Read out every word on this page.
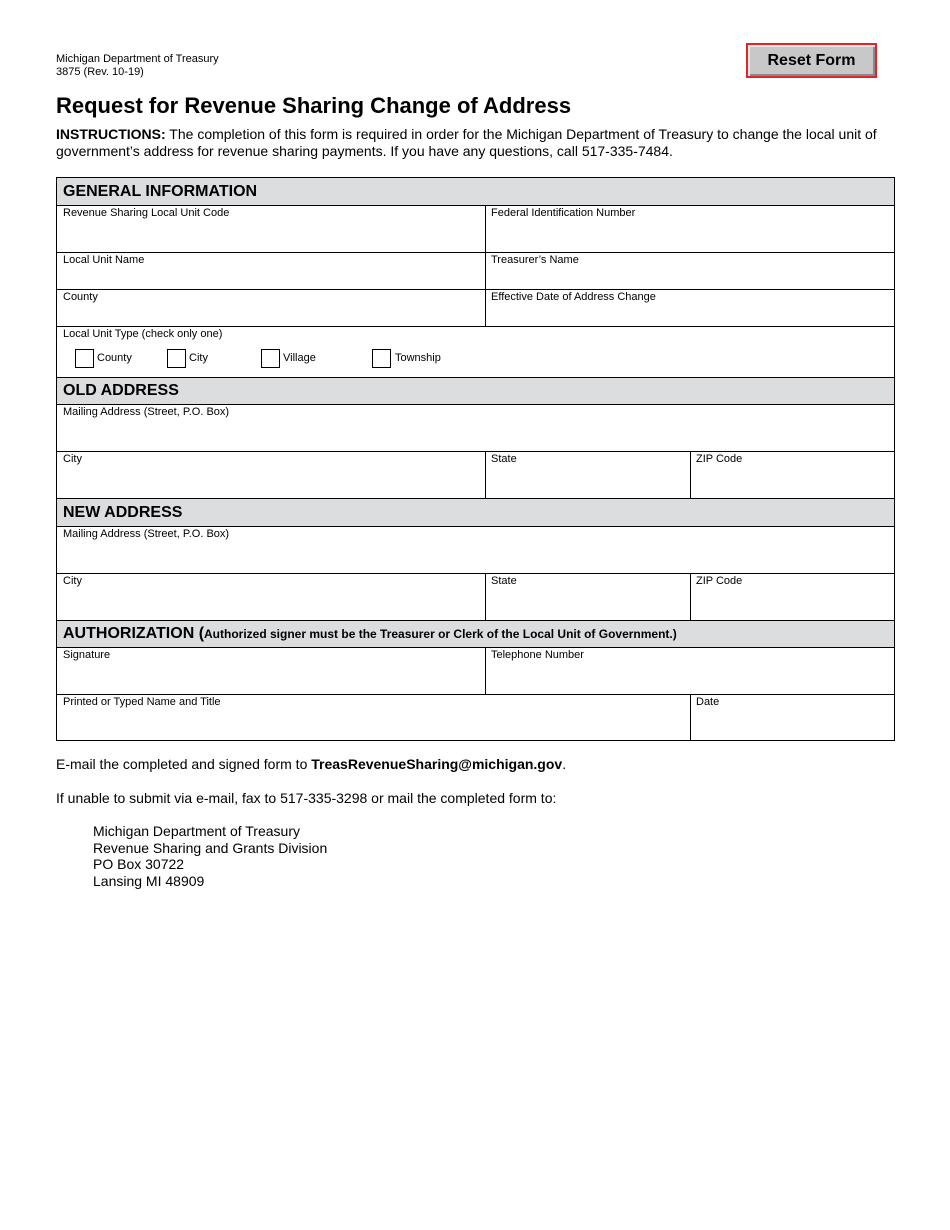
Michigan Department of Treasury
3875 (Rev. 10-19)
Reset Form
Request for Revenue Sharing Change of Address

INSTRUCTIONS: The completion of this form is required in order for the Michigan Department of Treasury to change the local unit of government’s address for revenue sharing payments. If you have any questions, call 517-335-7484.

GENERAL INFORMATION
Revenue Sharing Local Unit Code	Federal Identification Number
Local Unit Name	Treasurer’s Name
County	Effective Date of Address Change
Local Unit Type (check only one)
County	City	Village	Township
OLD ADDRESS
Mailing Address (Street, P.O. Box)
City	State	ZIP Code
NEW ADDRESS
Mailing Address (Street, P.O. Box)
City	State	ZIP Code
AUTHORIZATION ( Authorized signer must be the Treasurer or Clerk of the Local Unit of Government.)
Signature	Telephone Number
Printed or Typed Name and Title	Date
E-mail the completed and signed form to TreasRevenueSharing@michigan.gov.
If unable to submit via e-mail, fax to 517-335-3298 or mail the completed form to:
Michigan Department of Treasury
Revenue Sharing and Grants Division
PO Box 30722
Lansing MI 48909
